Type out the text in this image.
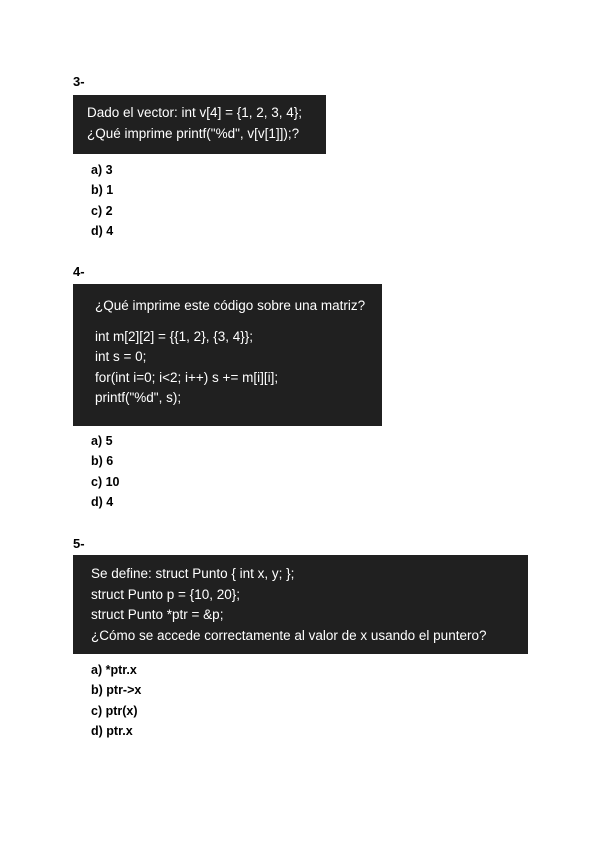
3-
Dado el vector: int v[4] = {1, 2, 3, 4};
¿Qué imprime printf("%d", v[v[1]]);?
a) 3
b) 1
c) 2
d) 4
4-
¿Qué imprime este código sobre una matriz?
int m[2][2] = {{1, 2}, {3, 4}};
int s = 0;
for(int i=0; i<2; i++) s += m[i][i];
printf("%d", s);
a) 5
b) 6
c) 10
d) 4
5-
Se define: struct Punto { int x, y; };
struct Punto p = {10, 20};
struct Punto *ptr = &p;
¿Cómo se accede correctamente al valor de x usando el puntero?
a) *ptr.x
b) ptr->x
c) ptr(x)
d) ptr.x
